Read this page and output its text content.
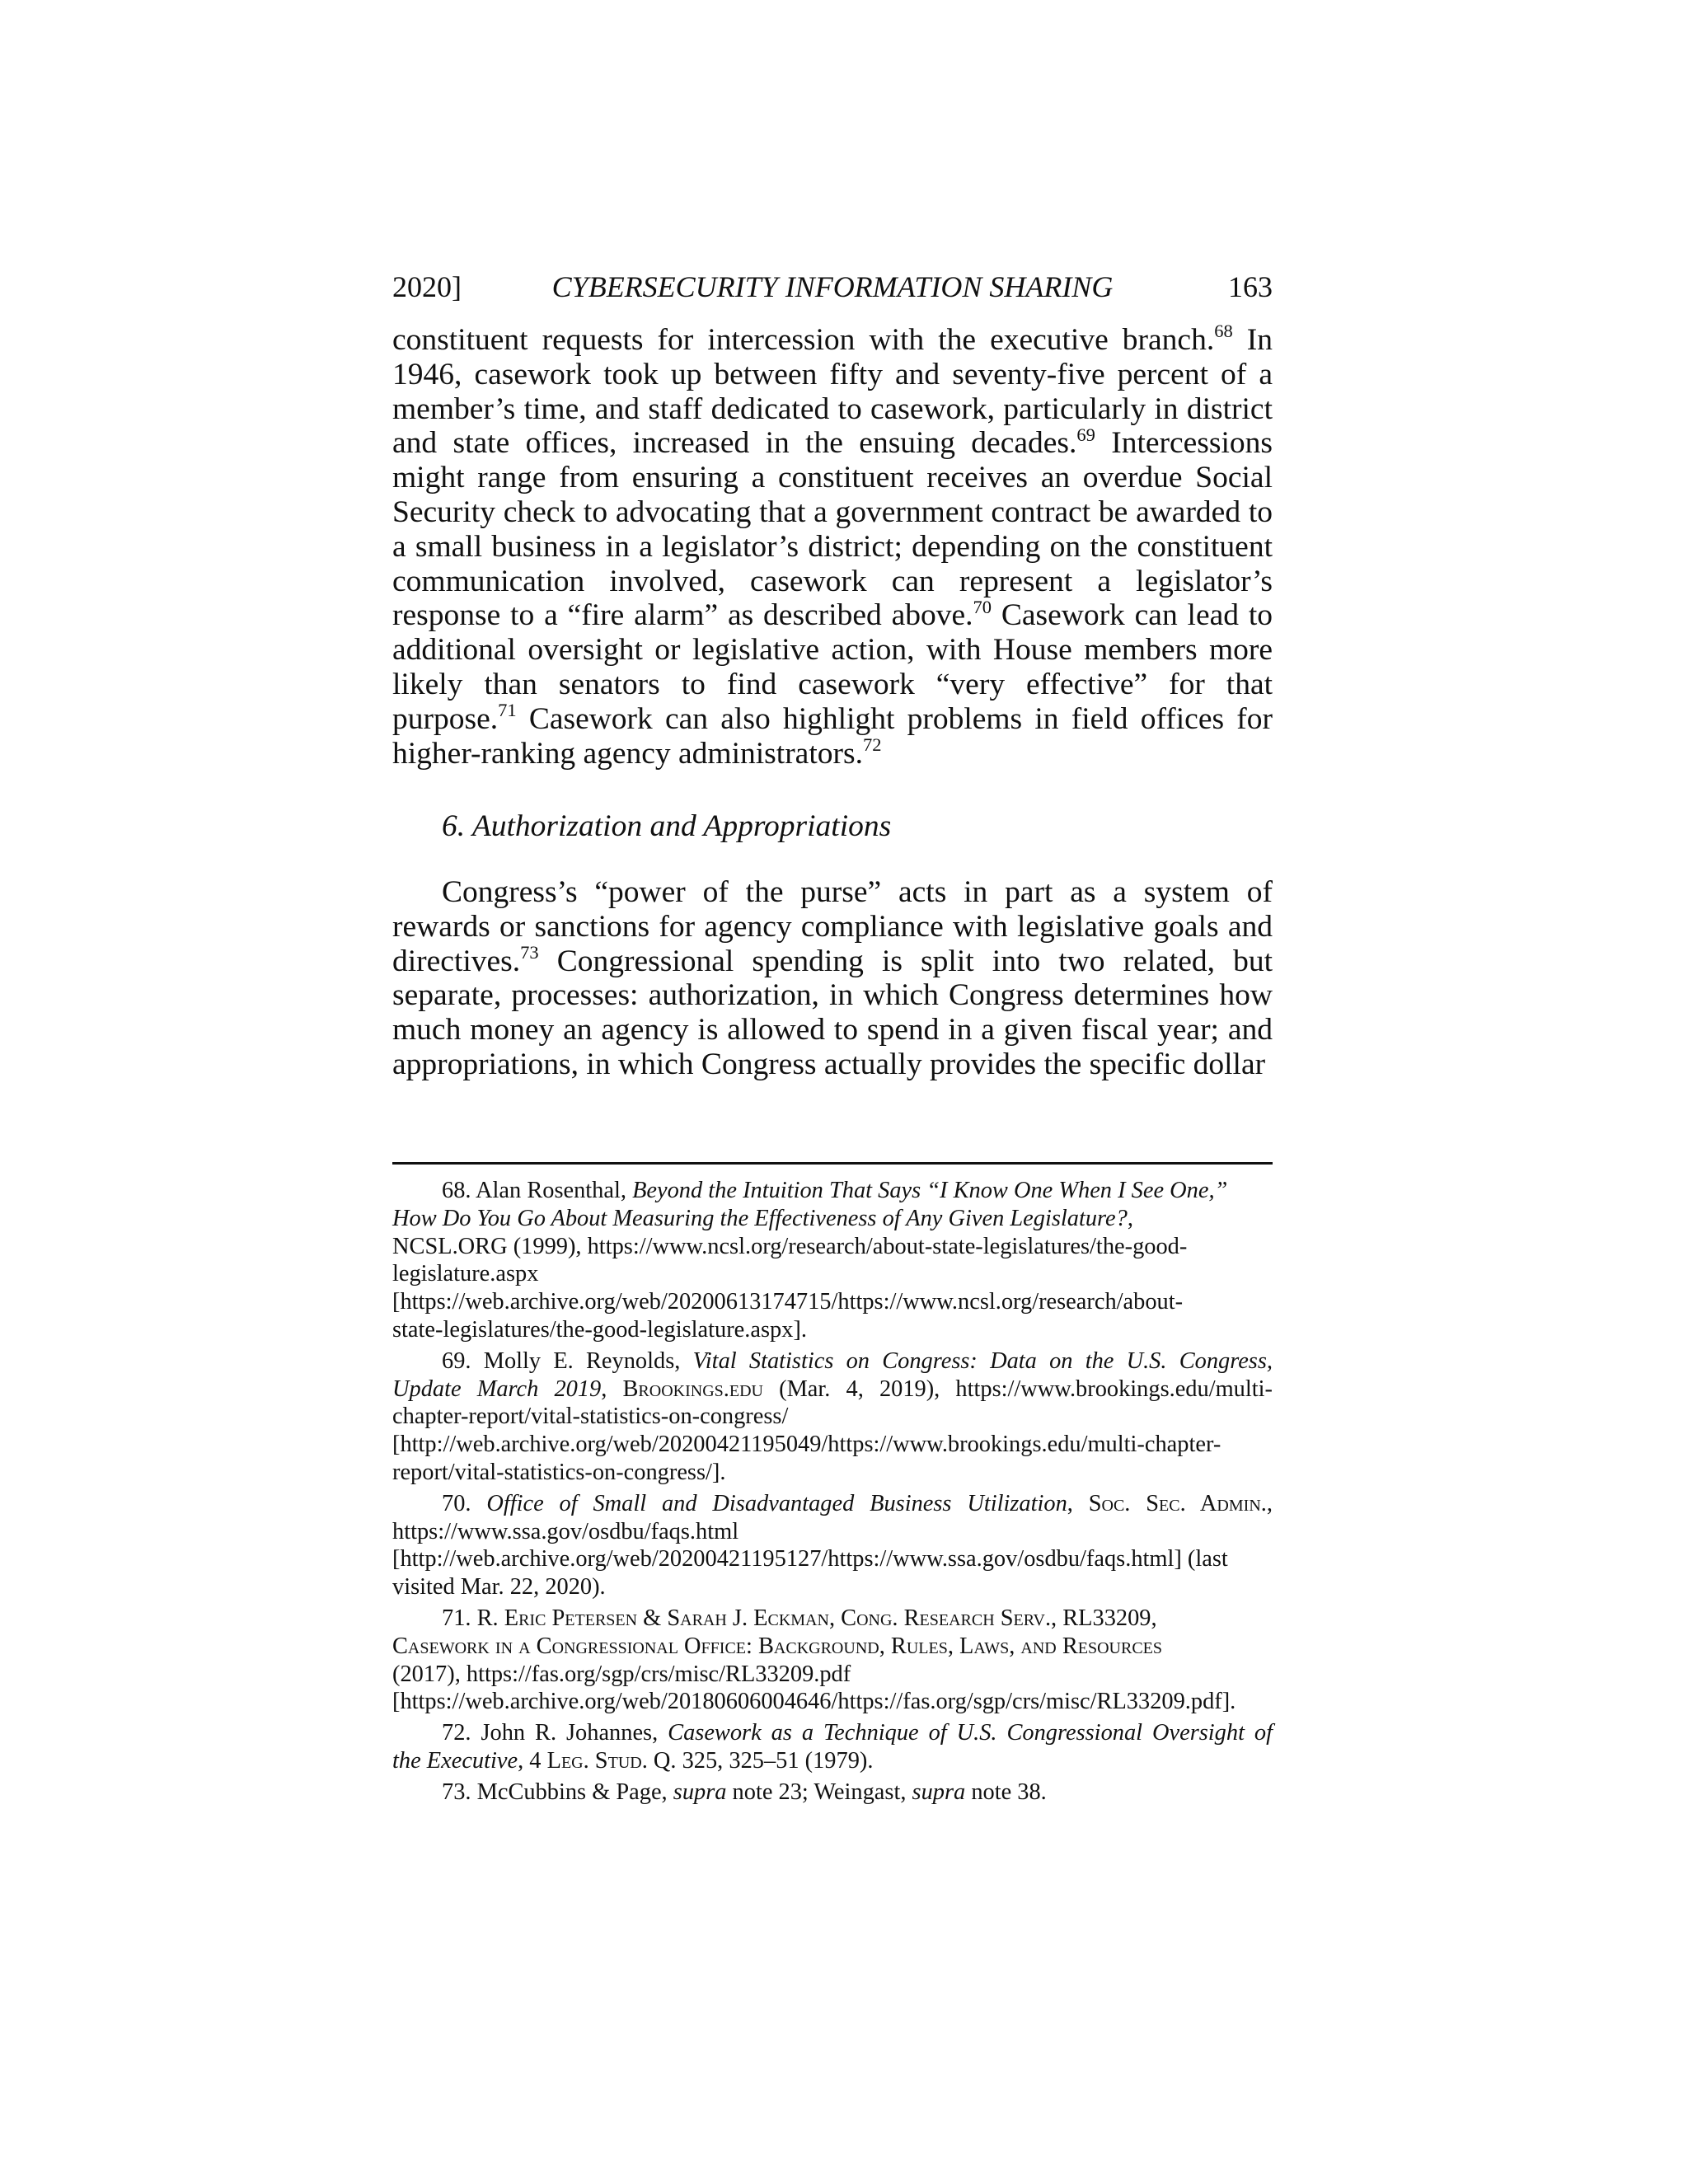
2020]	CYBERSECURITY INFORMATION SHARING	163

constituent requests for intercession with the executive branch.$^{68}$ In 1946, casework took up between fifty and seventy-five percent of a member’s time, and staff dedicated to casework, particularly in district and state offices, increased in the ensuing decades.$^{69}$ Intercessions might range from ensuring a constituent receives an overdue Social Security check to advocating that a government contract be awarded to a small business in a legislator’s district; depending on the constituent communication involved, casework can represent a legislator’s response to a “fire alarm” as described above.$^{70}$ Casework can lead to additional oversight or legislative action, with House members more likely than senators to find casework “very effective” for that purpose.$^{71}$ Casework can also highlight problems in field offices for higher-ranking agency administrators.$^{72}$

6. Authorization and Appropriations

Congress’s “power of the purse” acts in part as a system of rewards or sanctions for agency compliance with legislative goals and directives.$^{73}$ Congressional spending is split into two related, but separate, processes: authorization, in which Congress determines how much money an agency is allowed to spend in a given fiscal year; and appropriations, in which Congress actually provides the specific dollar

68. Alan Rosenthal, Beyond the Intuition That Says “I Know One When I See One,”
How Do You Go About Measuring the Effectiveness of Any Given Legislature?,
NCSL.ORG (1999), https://www.ncsl.org/research/about-state-legislatures/the-good-
legislature.aspx
[https://web.archive.org/web/20200613174715/https://www.ncsl.org/research/about-
state-legislatures/the-good-legislature.aspx].
69. Molly E. Reynolds, Vital Statistics on Congress: Data on the U.S. Congress,
Update March 2019, Brookings.edu (Mar. 4, 2019), https://www.brookings.edu/multi-
chapter-report/vital-statistics-on-congress/
[http://web.archive.org/web/20200421195049/https://www.brookings.edu/multi-chapter-
report/vital-statistics-on-congress/].
70. Office of Small and Disadvantaged Business Utilization, Soc. Sec. Admin.,
https://www.ssa.gov/osdbu/faqs.html
[http://web.archive.org/web/20200421195127/https://www.ssa.gov/osdbu/faqs.html] (last
visited Mar. 22, 2020).
71. R. Eric Petersen & Sarah J. Eckman, Cong. Research Serv., RL33209,
Casework in a Congressional Office: Background, Rules, Laws, and Resources
(2017), https://fas.org/sgp/crs/misc/RL33209.pdf
[https://web.archive.org/web/20180606004646/https://fas.org/sgp/crs/misc/RL33209.pdf].
72. John R. Johannes, Casework as a Technique of U.S. Congressional Oversight of
the Executive, 4 Leg. Stud. Q. 325, 325–51 (1979).
73. McCubbins & Page, supra note 23; Weingast, supra note 38.
